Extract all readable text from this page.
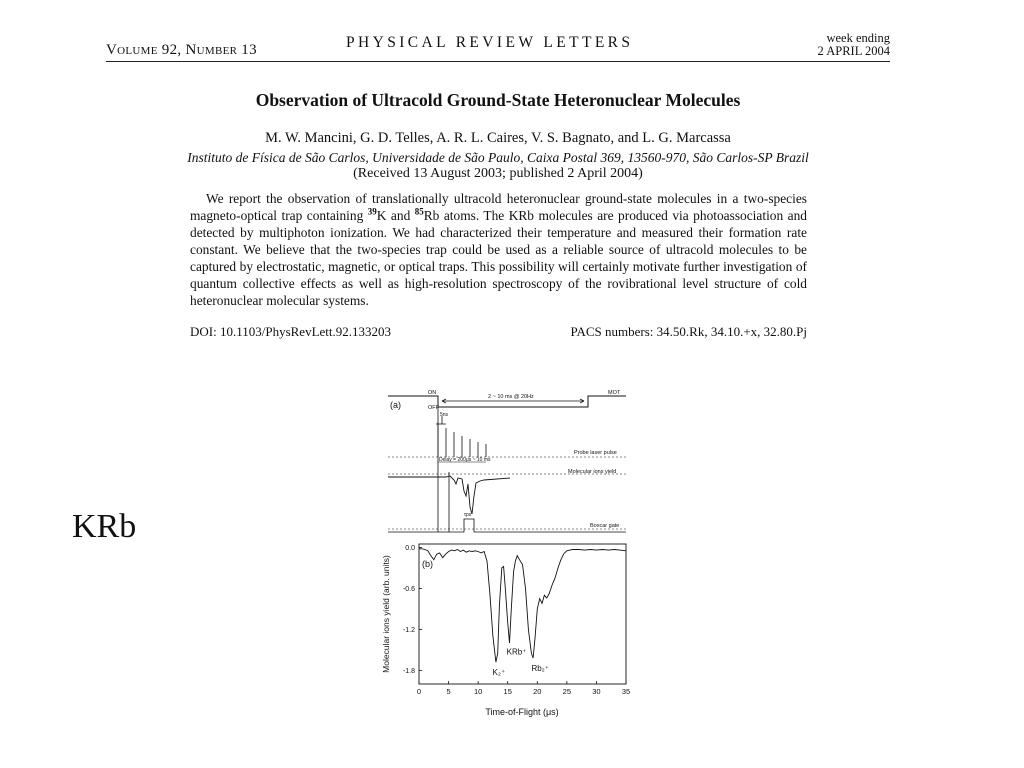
Volume 92, Number 13	PHYSICAL REVIEW LETTERS	week ending
2 APRIL 2004
Observation of Ultracold Ground-State Heteronuclear Molecules
M. W. Mancini, G. D. Telles, A. R. L. Caires, V. S. Bagnato, and L. G. Marcassa
Instituto de Física de São Carlos, Universidade de São Paulo, Caixa Postal 369, 13560-970, São Carlos-SP Brazil
(Received 13 August 2003; published 2 April 2004)
We report the observation of translationally ultracold heteronuclear ground-state molecules in a two-species magneto-optical trap containing $^{39}$K and $^{85}$Rb atoms. The KRb molecules are produced via photoassociation and detected by multiphoton ionization. We had characterized their temperature and measured their formation rate constant. We believe that the two-species trap could be used as a reliable source of ultracold molecules to be captured by electrostatic, magnetic, or optical traps. This possibility will certainly motivate further investigation of quantum collective effects as well as high-resolution spectroscopy of the rovibrational level structure of cold heteronuclear molecular systems.
DOI: 10.1103/PhysRevLett.92.133203	PACS numbers: 34.50.Rk, 34.10.+x, 32.80.Pj
KRb
(a)
ON
OFF
2 ~ 10 ms @ 20Hz
MOT
5ns
Probe laser pulse
Delay = 200μs ~ 10 ms
Molecular ions yield
τps
Boxcar gate
(b)
0	5	10	15	20	25	30	35
0.0
-0.6
-1.2
-1.8	K₂⁺
KRb⁺
Rb₂⁺
Time-of-Flight (μs)
Molecular ions yield (arb. units)
